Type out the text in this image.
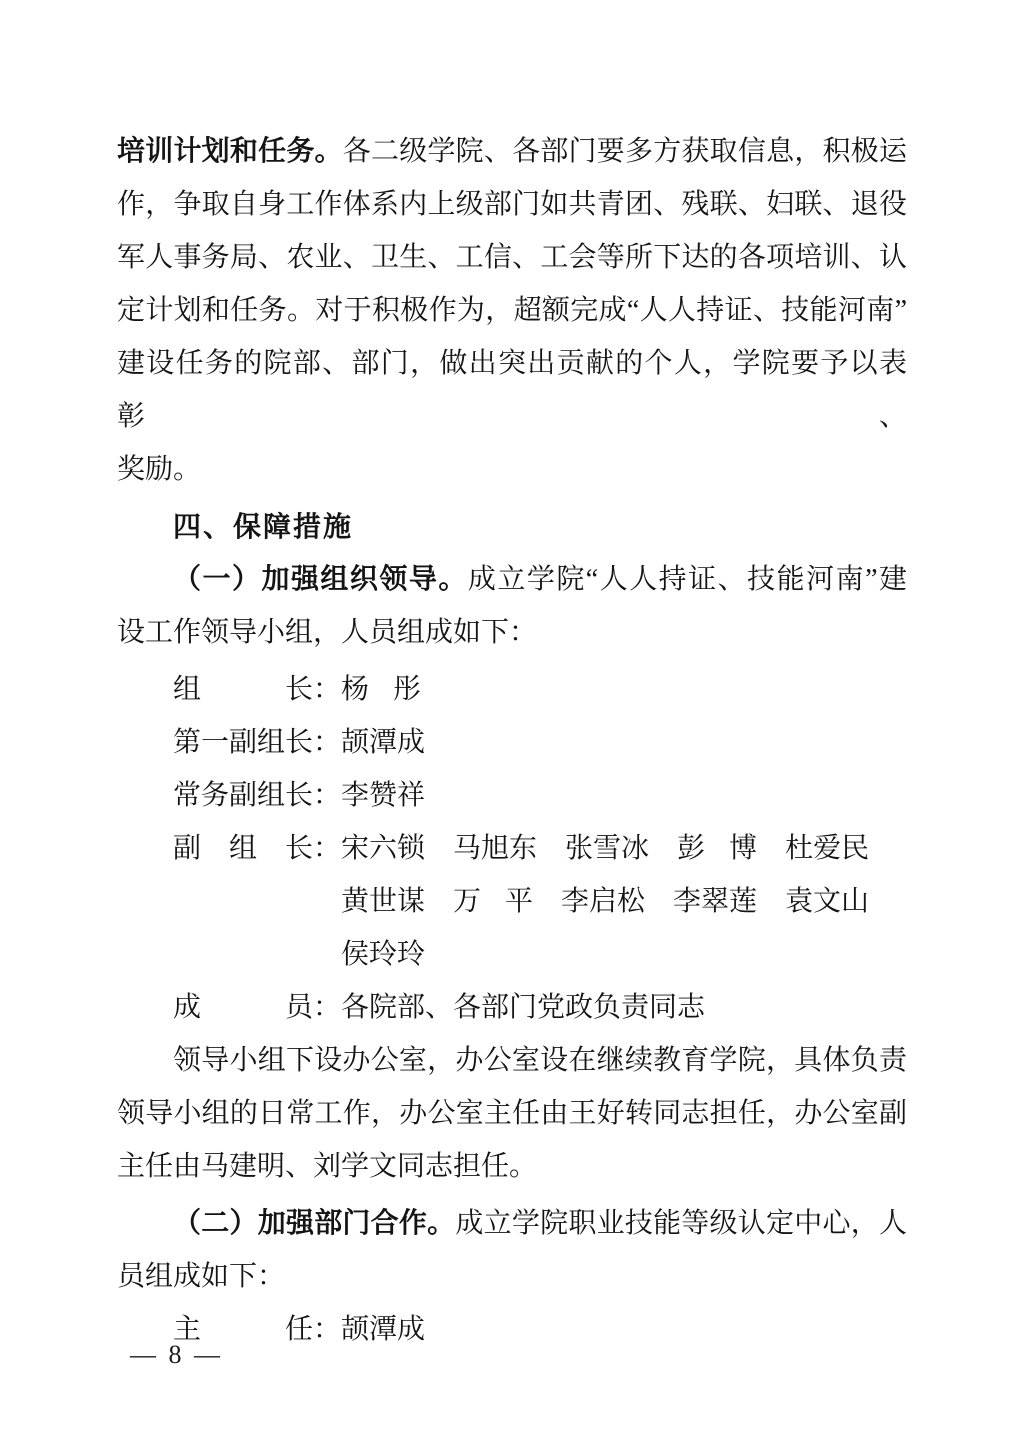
培训计划和任务。各二级学院、各部门要多方获取信息，积极运
作，争取自身工作体系内上级部门如共青团、残联、妇联、退役
军人事务局、农业、卫生、工信、工会等所下达的各项培训、认
定计划和任务。对于积极作为，超额完成“人人持证、技能河南”
建设任务的院部、部门，做出突出贡献的个人，学院要予以表彰、
奖励。
四、保障措施
（一）加强组织领导。成立学院“人人持证、技能河南”建
设工作领导小组，人员组成如下：
组长：杨彤
第一副组长：颉潭成
常务副组长：李赞祥
副组长：宋六锁 马旭东 张雪冰 彭博 杜爱民
黄世谋 万平 李启松 李翠莲 袁文山
侯玲玲
成员：各院部、各部门党政负责同志
领导小组下设办公室，办公室设在继续教育学院，具体负责
领导小组的日常工作，办公室主任由王好转同志担任，办公室副
主任由马建明、刘学文同志担任。
（二）加强部门合作。成立学院职业技能等级认定中心，人
员组成如下：
主任：颉潭成
— 8 —
